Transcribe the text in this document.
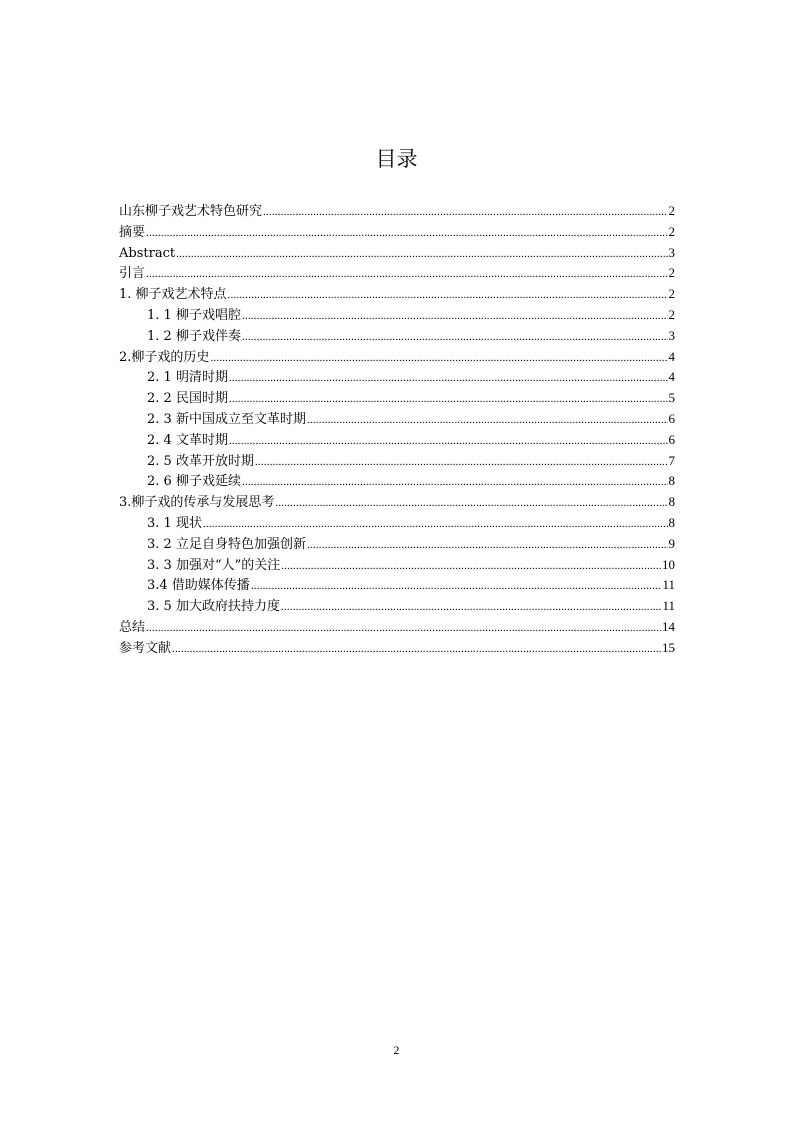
目录
山东柳子戏艺术特色研究 .....	2
摘要 .....	2
Abstract .....	3
引言 .....	2
1. 柳子戏艺术特点 .....	2
1. 1 柳子戏唱腔 .....	2
1. 2 柳子戏伴奏 .....	3
2.柳子戏的历史 .....	4
2. 1 明清时期 .....	4
2. 2 民国时期 .....	5
2. 3 新中国成立至文革时期 .....	6
2. 4 文革时期 .....	6
2. 5 改革开放时期 .....	7
2. 6 柳子戏延续 .....	8
3.柳子戏的传承与发展思考 .....	8
3. 1 现状 .....	8
3. 2 立足自身特色加强创新 .....	9
3. 3 加强对“人”的关注 .....	10
3.4 借助媒体传播 .....	11
3. 5 加大政府扶持力度 .....	11
总结 .....	14
参考文献 .....	15
2
